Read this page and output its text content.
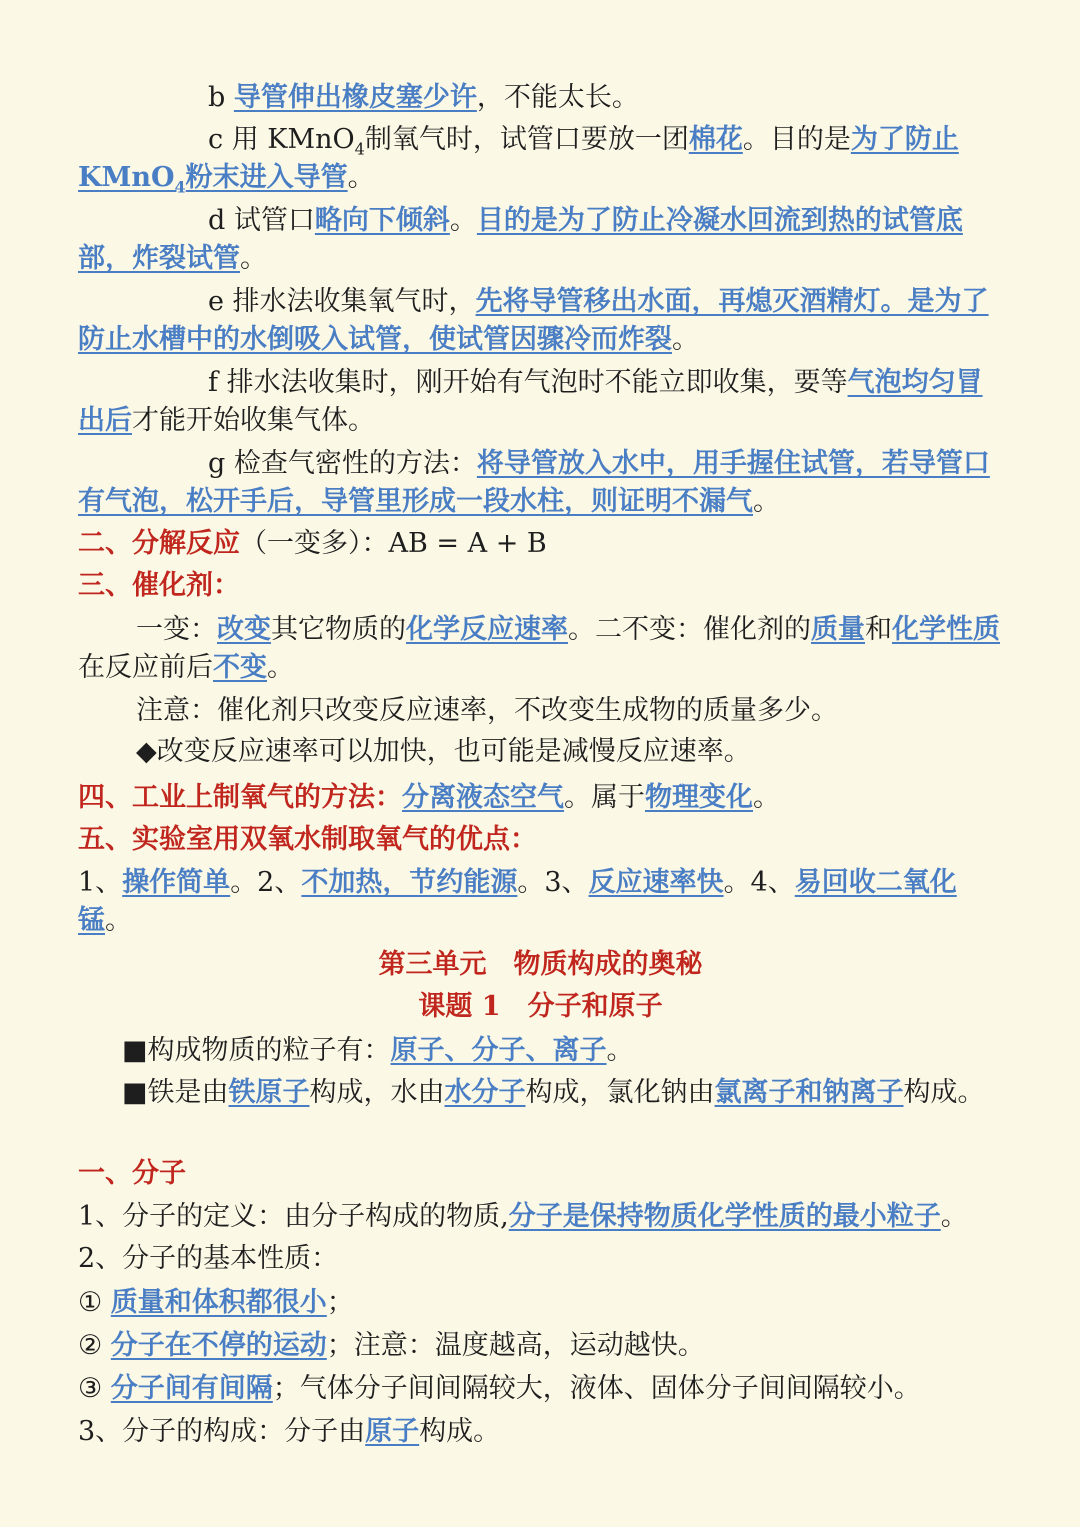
b 导管伸出橡皮塞少许，不能太长。

c 用 KMnO$_4$制氧气时，试管口要放一团棉花。目的是为了防止KMnO$_4$粉末进入导管。

d 试管口略向下倾斜。目的是为了防止冷凝水回流到热的试管底部，炸裂试管。

e 排水法收集氧气时，先将导管移出水面，再熄灭酒精灯。是为了防止水槽中的水倒吸入试管，使试管因骤冷而炸裂。

f 排水法收集时，刚开始有气泡时不能立即收集，要等气泡均匀冒出后才能开始收集气体。

g 检查气密性的方法：将导管放入水中，用手握住试管，若导管口有气泡，松开手后，导管里形成一段水柱，则证明不漏气。

二、分解反应（一变多）：AB = A + B

三、催化剂：

一变：改变其它物质的化学反应速率。二不变：催化剂的质量和化学性质在反应前后不变。

注意：催化剂只改变反应速率，不改变生成物的质量多少。

◆改变反应速率可以加快，也可能是减慢反应速率。

四、工业上制氧气的方法：分离液态空气。属于物理变化。

五、实验室用双氧水制取氧气的优点：

1、操作简单。2、不加热，节约能源。3、反应速率快。4、易回收二氧化锰。

第三单元　物质构成的奥秘

课题 1　分子和原子

■构成物质的粒子有：原子、分子、离子。

■铁是由铁原子构成，水由水分子构成，氯化钠由氯离子和钠离子构成。

一、分子

1、分子的定义：由分子构成的物质,分子是保持物质化学性质的最小粒子。

2、分子的基本性质：

① 质量和体积都很小；

② 分子在不停的运动；注意：温度越高，运动越快。

③ 分子间有间隔；气体分子间间隔较大，液体、固体分子间间隔较小。

3、分子的构成：分子由原子构成。
